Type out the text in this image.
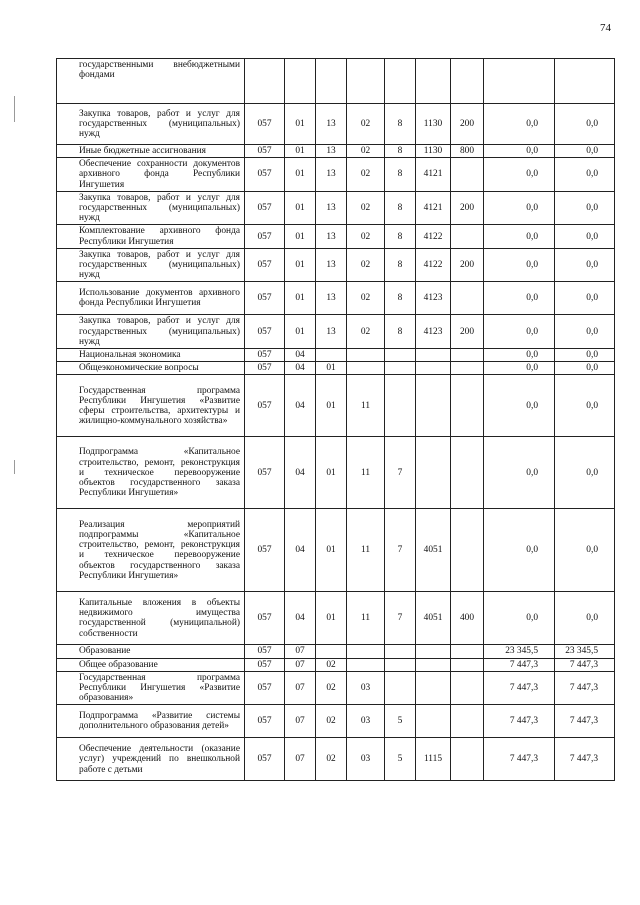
74
государственными внебюджетными фондами									
Закупка товаров, работ и услуг для государственных (муниципальных) нужд	057	01	13	02	8	1130	200	0,0	0,0
Иные бюджетные ассигнования	057	01	13	02	8	1130	800	0,0	0,0
Обеспечение сохранности документов архивного фонда Республики Ингушетия	057	01	13	02	8	4121		0,0	0,0
Закупка товаров, работ и услуг для государственных (муниципальных) нужд	057	01	13	02	8	4121	200	0,0	0,0
Комплектование архивного фонда Республики Ингушетия	057	01	13	02	8	4122		0,0	0,0
Закупка товаров, работ и услуг для государственных (муниципальных) нужд	057	01	13	02	8	4122	200	0,0	0,0
Использование документов архивного фонда Республики Ингушетия	057	01	13	02	8	4123		0,0	0,0
Закупка товаров, работ и услуг для государственных (муниципальных) нужд	057	01	13	02	8	4123	200	0,0	0,0
Национальная экономика	057	04						0,0	0,0
Общеэкономические вопросы	057	04	01					0,0	0,0
Государственная программа Республики Ингушетия «Развитие сферы строительства, архитектуры и жилищно-коммунального хозяйства»	057	04	01	11				0,0	0,0
Подпрограмма «Капитальное строительство, ремонт, реконструкция и техническое перевооружение объектов государственного заказа Республики Ингушетия»	057	04	01	11	7			0,0	0,0
Реализация мероприятий подпрограммы «Капитальное строительство, ремонт, реконструкция и техническое перевооружение объектов государственного заказа Республики Ингушетия»	057	04	01	11	7	4051		0,0	0,0
Капитальные вложения в объекты недвижимого имущества государственной (муниципальной) собственности	057	04	01	11	7	4051	400	0,0	0,0
Образование	057	07						23 345,5	23 345,5
Общее образование	057	07	02					7 447,3	7 447,3
Государственная программа Республики Ингушетия «Развитие образования»	057	07	02	03				7 447,3	7 447,3
Подпрограмма «Развитие системы дополнительного образования детей»	057	07	02	03	5			7 447,3	7 447,3
Обеспечение деятельности (оказание услуг) учреждений по внешкольной работе с детьми	057	07	02	03	5	1115		7 447,3	7 447,3
